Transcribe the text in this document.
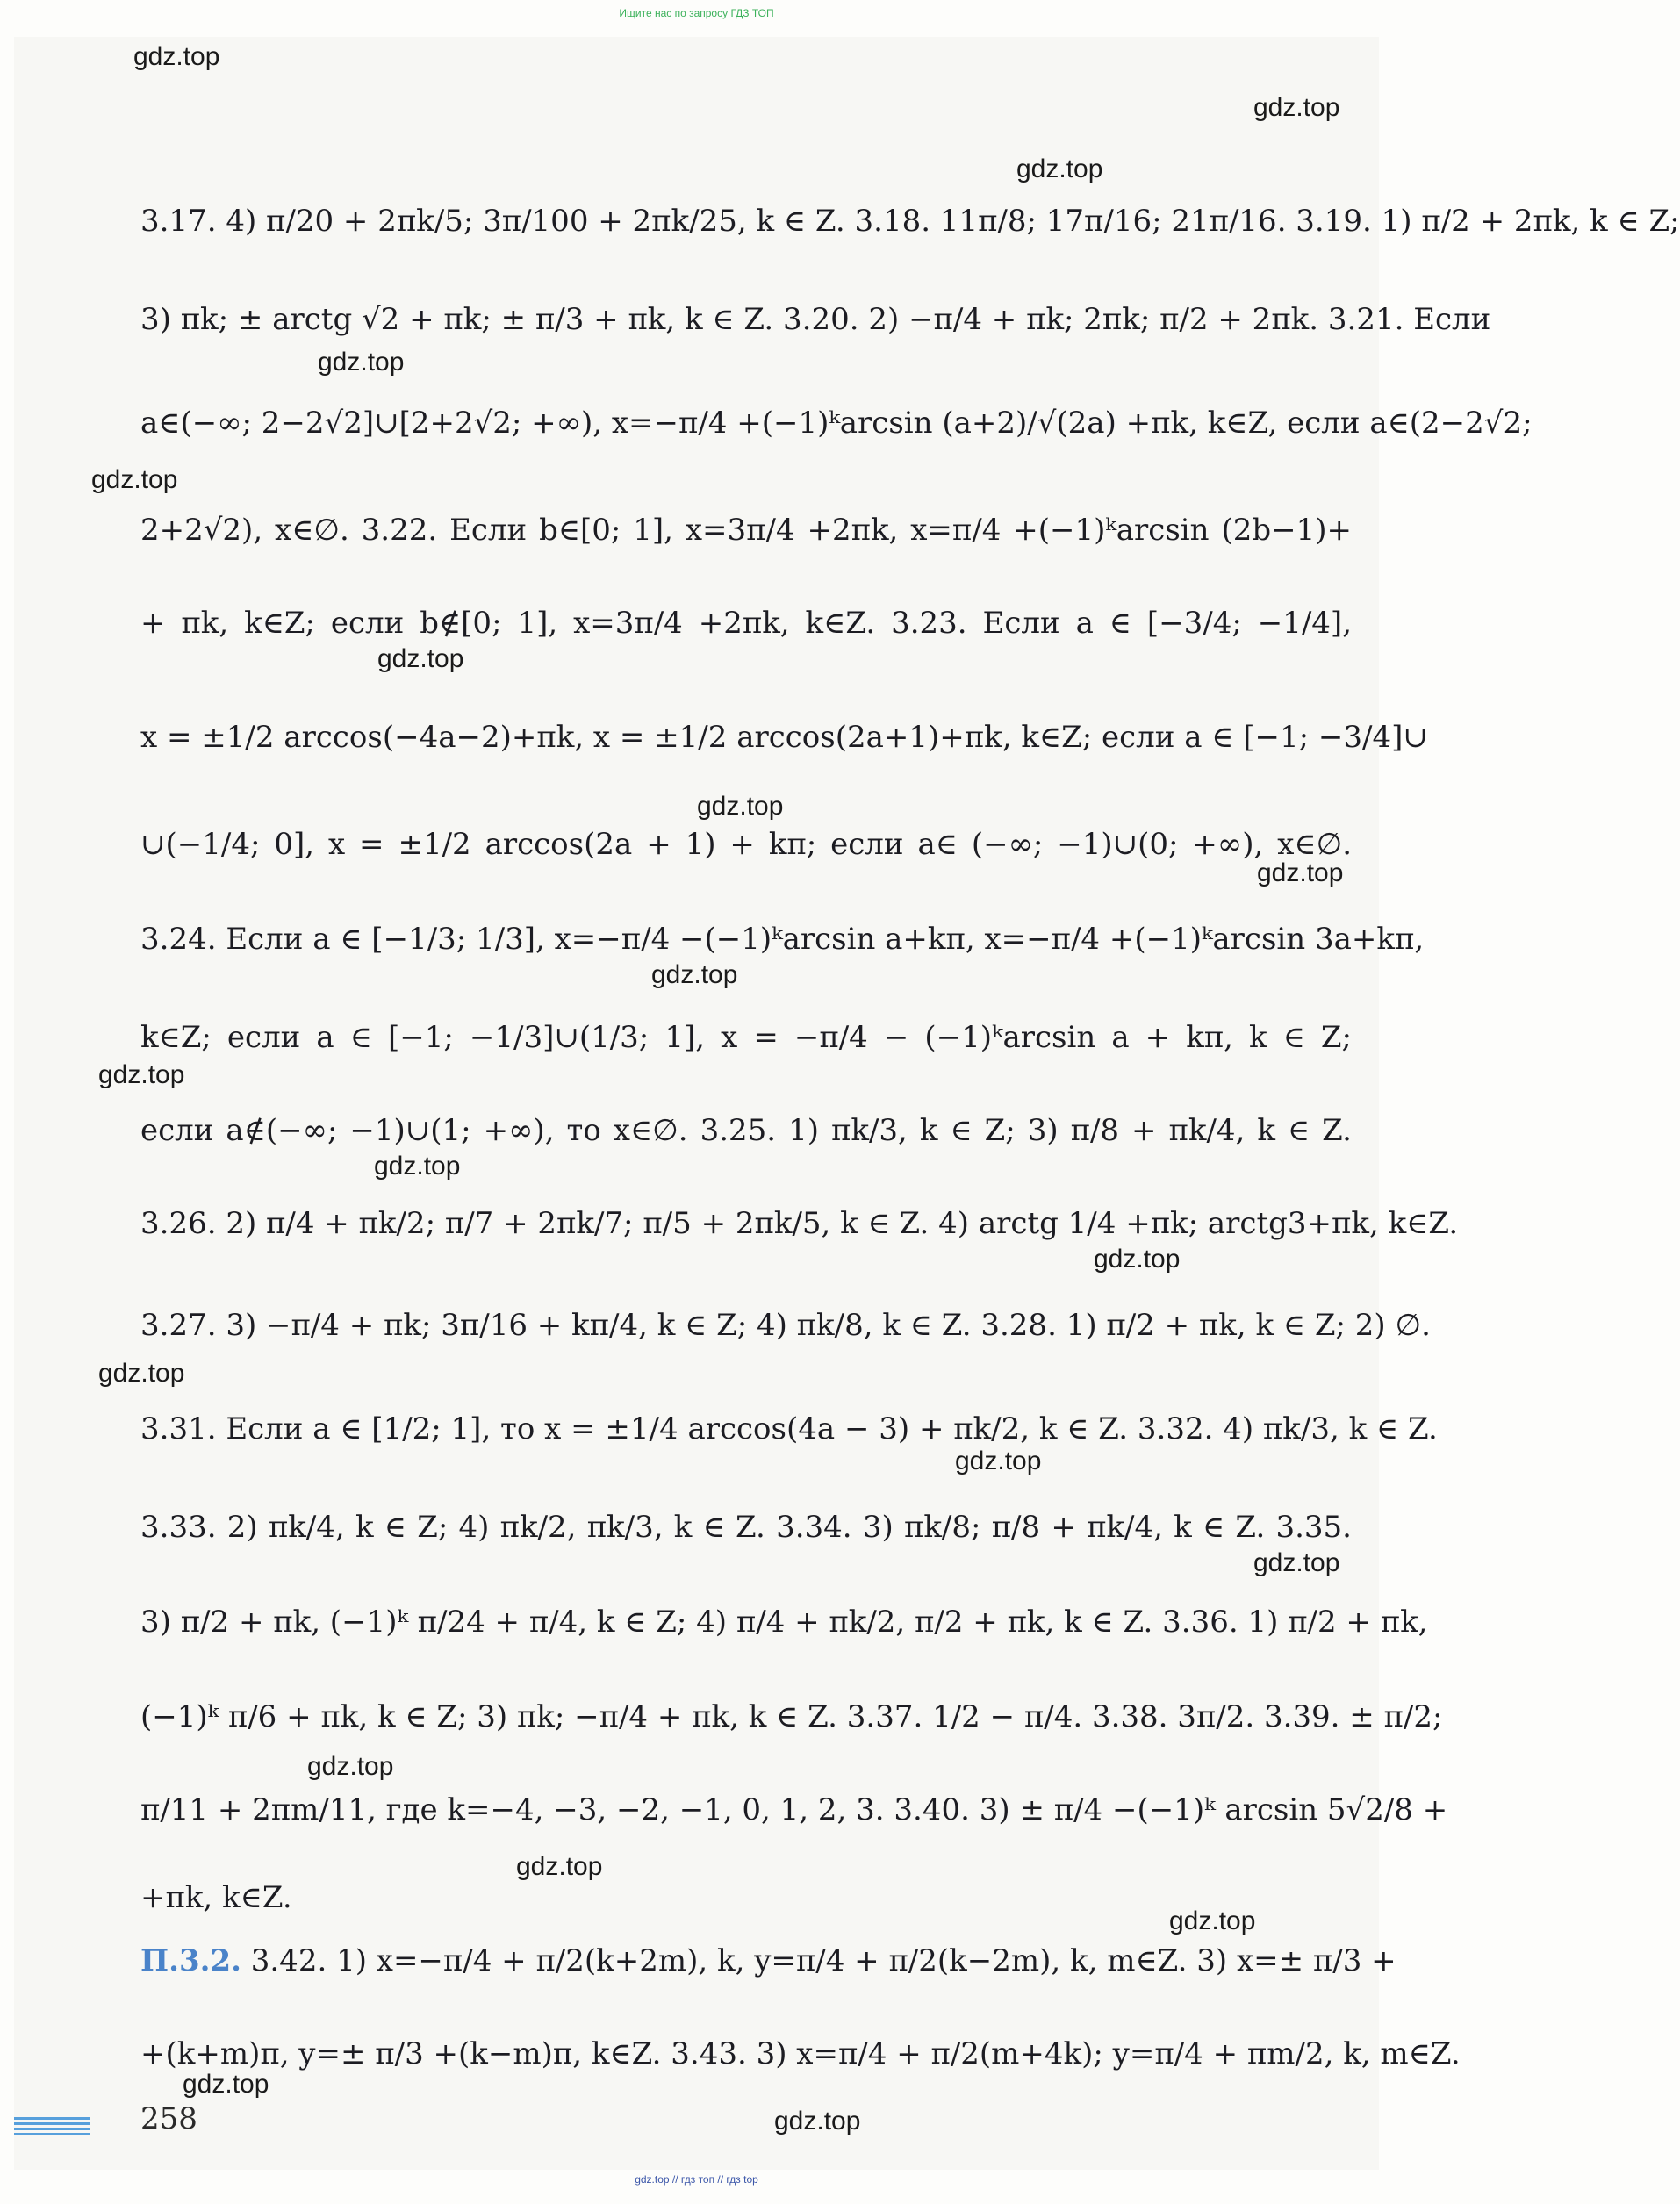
Ищите нас по запросу ГДЗ ТОП
gdz.top
gdz.top
gdz.top
gdz.top
gdz.top
gdz.top
gdz.top
gdz.top
gdz.top
gdz.top
gdz.top
gdz.top
gdz.top
gdz.top
gdz.top
gdz.top
gdz.top
gdz.top
gdz.top
gdz.top
3.17. 4) π/20 + 2πk/5; 3π/100 + 2πk/25, k ∈ Z. 3.18. 11π/8; 17π/16; 21π/16. 3.19. 1) π/2 + 2πk, k ∈ Z;
3) πk; ± arctg √2 + πk; ± π/3 + πk, k ∈ Z. 3.20. 2) −π/4 + πk; 2πk; π/2 + 2πk. 3.21. Если
a∈(−∞; 2−2√2]∪[2+2√2; +∞), x=−π/4 +(−1)ᵏarcsin (a+2)/√(2a) +πk, k∈Z, если a∈(2−2√2;
2+2√2), x∈∅. 3.22. Если b∈[0; 1], x=3π/4 +2πk, x=π/4 +(−1)ᵏarcsin (2b−1)+
+ πk, k∈Z; если b∉[0; 1], x=3π/4 +2πk, k∈Z. 3.23. Если a ∈ [−3/4; −1/4],
x = ±1/2 arccos(−4a−2)+πk, x = ±1/2 arccos(2a+1)+πk, k∈Z; если a ∈ [−1; −3/4]∪
∪(−1/4; 0], x = ±1/2 arccos(2a + 1) + kπ; если a∈ (−∞; −1)∪(0; +∞), x∈∅.
3.24. Если a ∈ [−1/3; 1/3], x=−π/4 −(−1)ᵏarcsin a+kπ, x=−π/4 +(−1)ᵏarcsin 3a+kπ,
k∈Z; если a ∈ [−1; −1/3]∪(1/3; 1], x = −π/4 − (−1)ᵏarcsin a + kπ, k ∈ Z;
если a∉(−∞; −1)∪(1; +∞), то x∈∅. 3.25. 1) πk/3, k ∈ Z; 3) π/8 + πk/4, k ∈ Z.
3.26. 2) π/4 + πk/2; π/7 + 2πk/7; π/5 + 2πk/5, k ∈ Z. 4) arctg 1/4 +πk; arctg3+πk, k∈Z.
3.27. 3) −π/4 + πk; 3π/16 + kπ/4, k ∈ Z; 4) πk/8, k ∈ Z. 3.28. 1) π/2 + πk, k ∈ Z; 2) ∅.
3.31. Если a ∈ [1/2; 1], то x = ±1/4 arccos(4a − 3) + πk/2, k ∈ Z. 3.32. 4) πk/3, k ∈ Z.
3.33. 2) πk/4, k ∈ Z; 4) πk/2, πk/3, k ∈ Z. 3.34. 3) πk/8; π/8 + πk/4, k ∈ Z. 3.35.
3) π/2 + πk, (−1)ᵏ π/24 + π/4, k ∈ Z; 4) π/4 + πk/2, π/2 + πk, k ∈ Z. 3.36. 1) π/2 + πk,
(−1)ᵏ π/6 + πk, k ∈ Z; 3) πk; −π/4 + πk, k ∈ Z. 3.37. 1/2 − π/4. 3.38. 3π/2. 3.39. ± π/2;
π/11 + 2πm/11, где k=−4, −3, −2, −1, 0, 1, 2, 3. 3.40. 3) ± π/4 −(−1)ᵏ arcsin 5√2/8 +
+πk, k∈Z.
П.3.2. 3.42. 1) x=−π/4 + π/2(k+2m), k, y=π/4 + π/2(k−2m), k, m∈Z. 3) x=± π/3 +
+(k+m)π, y=± π/3 +(k−m)π, k∈Z. 3.43. 3) x=π/4 + π/2(m+4k); y=π/4 + πm/2, k, m∈Z.
258
gdz.top // гдз топ // гдз top
